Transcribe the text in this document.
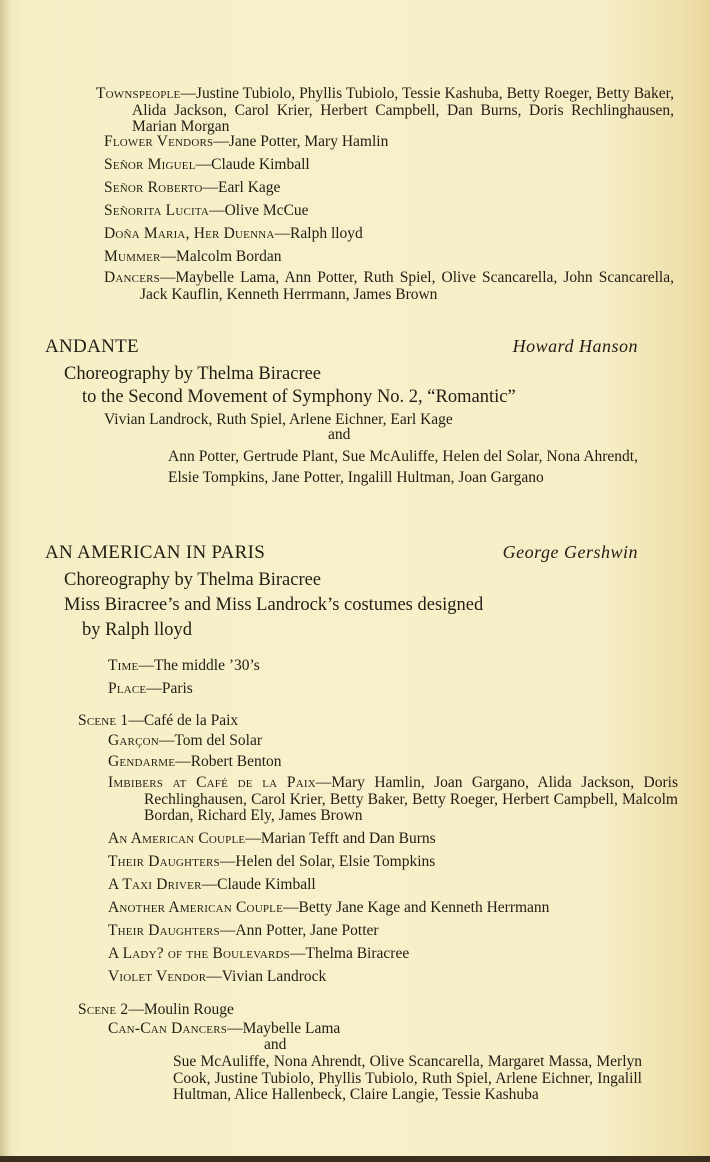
Townspeople—Justine Tubiolo, Phyllis Tubiolo, Tessie Kashuba, Betty Roeger, Betty Baker, Alida Jackson, Carol Krier, Herbert Campbell, Dan Burns, Doris Rechlinghausen, Marian Morgan
Flower Vendors—Jane Potter, Mary Hamlin
Señor Miguel—Claude Kimball
Señor Roberto—Earl Kage
Señorita Lucita—Olive McCue
Doña Maria, Her Duenna—Ralph lloyd
Mummer—Malcolm Bordan
Dancers—Maybelle Lama, Ann Potter, Ruth Spiel, Olive Scancarella, John Scancarella, Jack Kauflin, Kenneth Herrmann, James Brown
ANDANTE	Howard Hanson
Choreography by Thelma Biracree
to the Second Movement of Symphony No. 2, “Romantic”
Vivian Landrock, Ruth Spiel, Arlene Eichner, Earl Kage
and
Ann Potter, Gertrude Plant, Sue McAuliffe, Helen del Solar, Nona Ahrendt, Elsie Tompkins, Jane Potter, Ingalill Hultman, Joan Gargano
AN AMERICAN IN PARIS	George Gershwin
Choreography by Thelma Biracree
Miss Biracree’s and Miss Landrock’s costumes designed
by Ralph lloyd
Time—The middle ’30’s
Place—Paris
Scene 1—Café de la Paix
Garçon—Tom del Solar
Gendarme—Robert Benton
Imbibers at Café de la Paix—Mary Hamlin, Joan Gargano, Alida Jackson, Doris Rechlinghausen, Carol Krier, Betty Baker, Betty Roeger, Herbert Campbell, Malcolm Bordan, Richard Ely, James Brown
An American Couple—Marian Tefft and Dan Burns
Their Daughters—Helen del Solar, Elsie Tompkins
A Taxi Driver—Claude Kimball
Another American Couple—Betty Jane Kage and Kenneth Herrmann
Their Daughters—Ann Potter, Jane Potter
A Lady? of the Boulevards—Thelma Biracree
Violet Vendor—Vivian Landrock
Scene 2—Moulin Rouge
Can-Can Dancers—Maybelle Lama
and
Sue McAuliffe, Nona Ahrendt, Olive Scancarella, Margaret Massa, Merlyn Cook, Justine Tubiolo, Phyllis Tubiolo, Ruth Spiel, Arlene Eichner, Ingalill Hultman, Alice Hallenbeck, Claire Langie, Tessie Kashuba
